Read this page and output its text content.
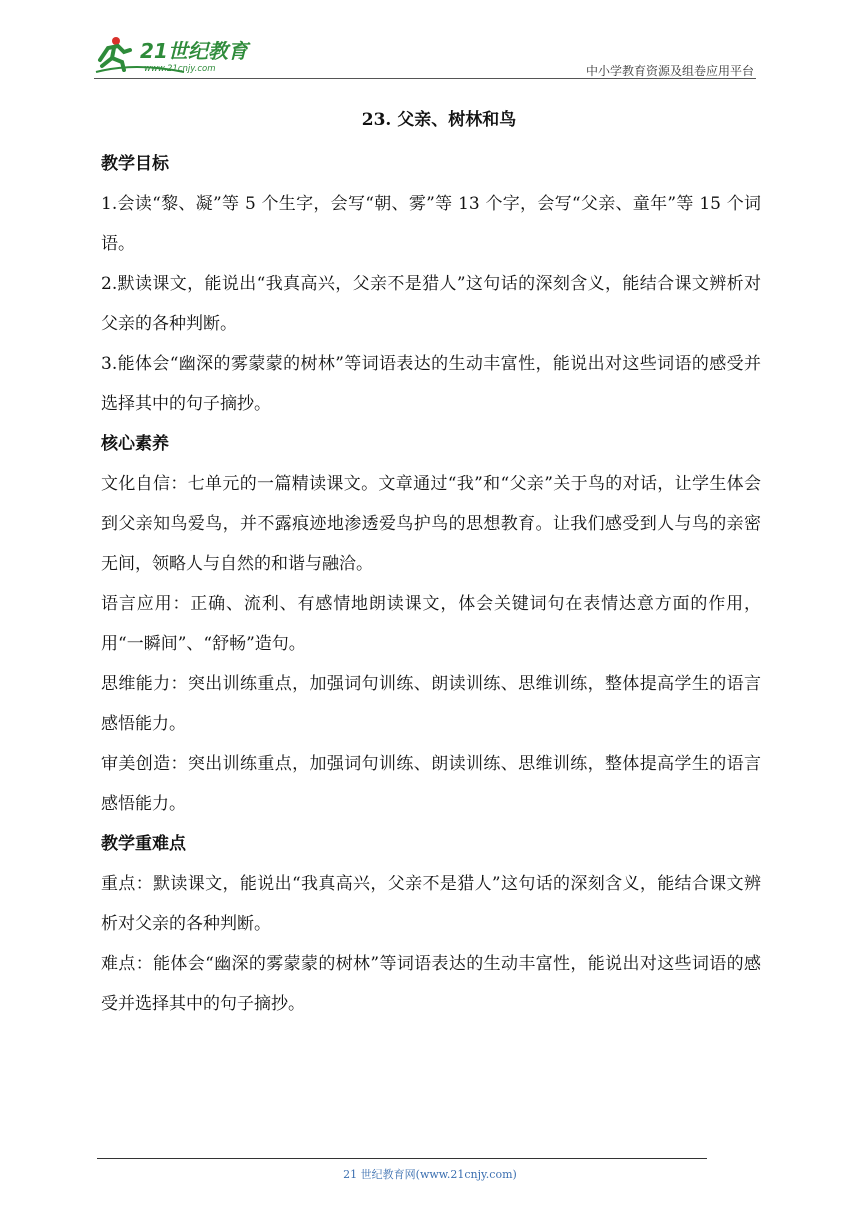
21世纪教育
www.21cnjy.com	中小学教育资源及组卷应用平台
23. 父亲、树林和鸟
教学目标

1.会读“黎、凝”等 5 个生字，会写“朝、雾”等 13 个字，会写“父亲、童年”等 15 个词语。

2.默读课文，能说出“我真高兴，父亲不是猎人”这句话的深刻含义，能结合课文辨析对父亲的各种判断。

3.能体会“幽深的雾蒙蒙的树林”等词语表达的生动丰富性，能说出对这些词语的感受并选择其中的句子摘抄。

核心素养

文化自信：七单元的一篇精读课文。文章通过“我”和“父亲”关于鸟的对话，让学生体会到父亲知鸟爱鸟，并不露痕迹地渗透爱鸟护鸟的思想教育。让我们感受到人与鸟的亲密无间，领略人与自然的和谐与融洽。

语言应用：正确、流利、有感情地朗读课文，体会关键词句在表情达意方面的作用，用“一瞬间”、“舒畅”造句。

思维能力：突出训练重点，加强词句训练、朗读训练、思维训练，整体提高学生的语言感悟能力。

审美创造：突出训练重点，加强词句训练、朗读训练、思维训练，整体提高学生的语言感悟能力。

教学重难点

重点：默读课文，能说出“我真高兴，父亲不是猎人”这句话的深刻含义，能结合课文辨析对父亲的各种判断。

难点：能体会“幽深的雾蒙蒙的树林”等词语表达的生动丰富性，能说出对这些词语的感受并选择其中的句子摘抄。

21 世纪教育网(www.21cnjy.com)
